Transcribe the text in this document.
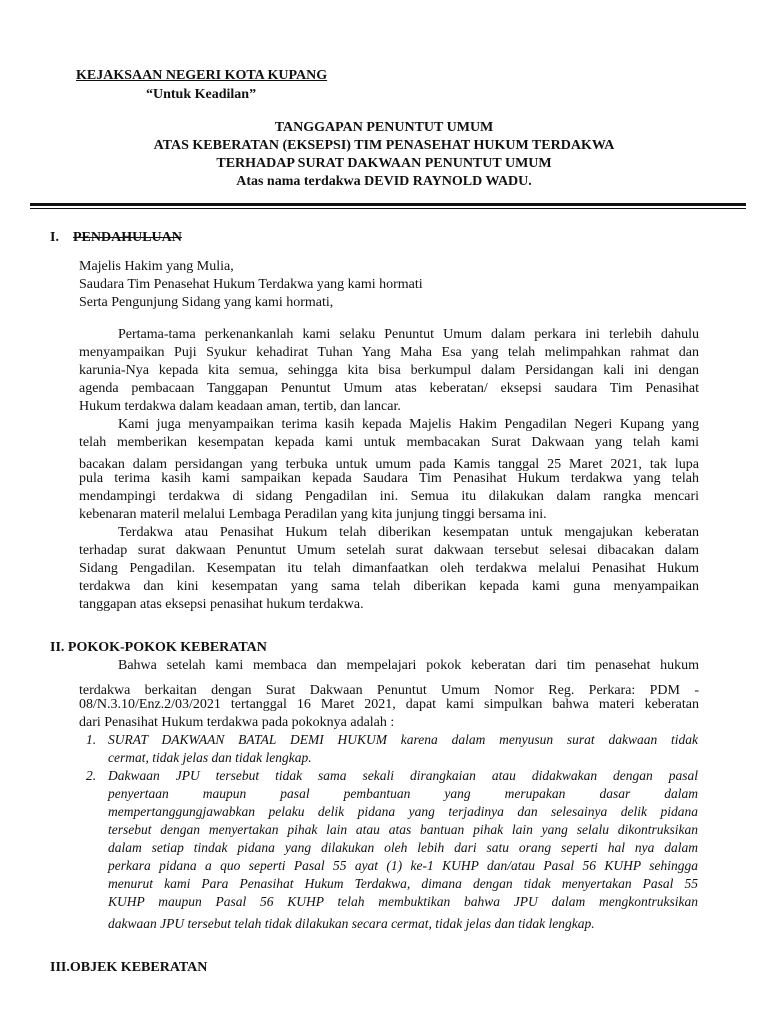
KEJAKSAAN NEGERI KOTA KUPANG
“Untuk Keadilan”
TANGGAPAN PENUNTUT UMUM
ATAS KEBERATAN (EKSEPSI) TIM PENASEHAT HUKUM TERDAKWA
TERHADAP SURAT DAKWAAN PENUNTUT UMUM
Atas nama terdakwa DEVID RAYNOLD WADU.
I. PENDAHULUAN
Majelis Hakim yang Mulia,
Saudara Tim Penasehat Hukum Terdakwa yang kami hormati
Serta Pengunjung Sidang yang kami hormati,
Pertama-tama perkenankanlah kami selaku Penuntut Umum dalam perkara ini terlebih dahulu
menyampaikan Puji Syukur kehadirat Tuhan Yang Maha Esa yang telah melimpahkan rahmat dan
karunia-Nya kepada kita semua, sehingga kita bisa berkumpul dalam Persidangan kali ini dengan
agenda pembacaan Tanggapan Penuntut Umum atas keberatan/ eksepsi saudara Tim Penasihat
Hukum terdakwa dalam keadaan aman, tertib, dan lancar.
Kami juga menyampaikan terima kasih kepada Majelis Hakim Pengadilan Negeri Kupang yang
telah memberikan kesempatan kepada kami untuk membacakan Surat Dakwaan yang telah kami
bacakan dalam persidangan yang terbuka untuk umum pada Kamis tanggal 25 Maret 2021, tak lupa
pula terima kasih kami sampaikan kepada Saudara Tim Penasihat Hukum terdakwa yang telah
mendampingi terdakwa di sidang Pengadilan ini. Semua itu dilakukan dalam rangka mencari
kebenaran materil melalui Lembaga Peradilan yang kita junjung tinggi bersama ini.
Terdakwa atau Penasihat Hukum telah diberikan kesempatan untuk mengajukan keberatan
terhadap surat dakwaan Penuntut Umum setelah surat dakwaan tersebut selesai dibacakan dalam
Sidang Pengadilan. Kesempatan itu telah dimanfaatkan oleh terdakwa melalui Penasihat Hukum
terdakwa dan kini kesempatan yang sama telah diberikan kepada kami guna menyampaikan
tanggapan atas eksepsi penasihat hukum terdakwa.
II. POKOK-POKOK KEBERATAN
Bahwa setelah kami membaca dan mempelajari pokok keberatan dari tim penasehat hukum
terdakwa berkaitan dengan Surat Dakwaan Penuntut Umum Nomor Reg. Perkara: PDM -
08/N.3.10/Enz.2/03/2021 tertanggal 16 Maret 2021, dapat kami simpulkan bahwa materi keberatan
dari Penasihat Hukum terdakwa pada pokoknya adalah :
1. SURAT DAKWAAN BATAL DEMI HUKUM karena dalam menyusun surat dakwaan tidak
cermat, tidak jelas dan tidak lengkap.
2. Dakwaan JPU tersebut tidak sama sekali dirangkaian atau didakwakan dengan pasal
penyertaan maupun pasal pembantuan yang merupakan dasar dalam
mempertanggungjawabkan pelaku delik pidana yang terjadinya dan selesainya delik pidana
tersebut dengan menyertakan pihak lain atau atas bantuan pihak lain yang selalu dikontruksikan
dalam setiap tindak pidana yang dilakukan oleh lebih dari satu orang seperti hal nya dalam
perkara pidana a quo seperti Pasal 55 ayat (1) ke-1 KUHP dan/atau Pasal 56 KUHP sehingga
menurut kami Para Penasihat Hukum Terdakwa, dimana dengan tidak menyertakan Pasal 55
KUHP maupun Pasal 56 KUHP telah membuktikan bahwa JPU dalam mengkontruksikan
dakwaan JPU tersebut telah tidak dilakukan secara cermat, tidak jelas dan tidak lengkap.
III.OBJEK KEBERATAN
